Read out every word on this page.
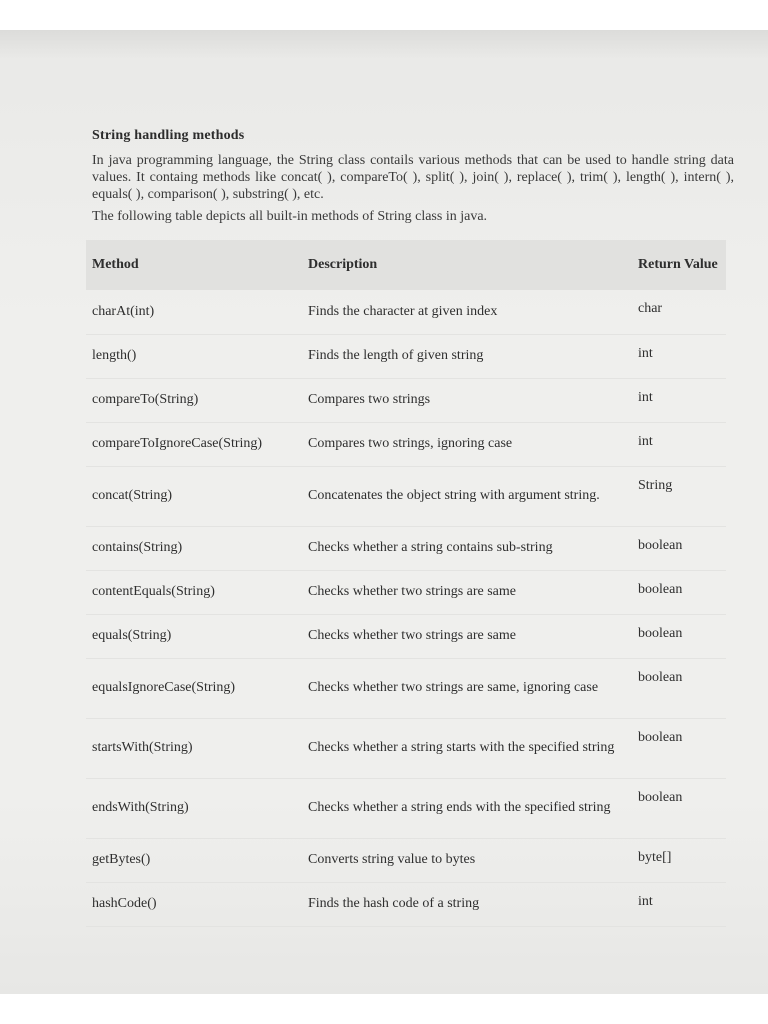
String handling methods

In java programming language, the String class contails various methods that can be used to handle string data values. It containg methods like concat( ), compareTo( ), split( ), join( ), replace( ), trim( ), length( ), intern( ), equals( ), comparison( ), substring( ), etc.

The following table depicts all built-in methods of String class in java.

Method	Description	Return Value
charAt(int)	Finds the character at given index	char
length()	Finds the length of given string	int
compareTo(String)	Compares two strings	int
compareToIgnoreCase(String)	Compares two strings, ignoring case	int
concat(String)	Concatenates the object string with argument string.	String
contains(String)	Checks whether a string contains sub-string	boolean
contentEquals(String)	Checks whether two strings are same	boolean
equals(String)	Checks whether two strings are same	boolean
equalsIgnoreCase(String)	Checks whether two strings are same, ignoring case	boolean
startsWith(String)	Checks whether a string starts with the specified string	boolean
endsWith(String)	Checks whether a string ends with the specified string	boolean
getBytes()	Converts string value to bytes	byte[]
hashCode()	Finds the hash code of a string	int
